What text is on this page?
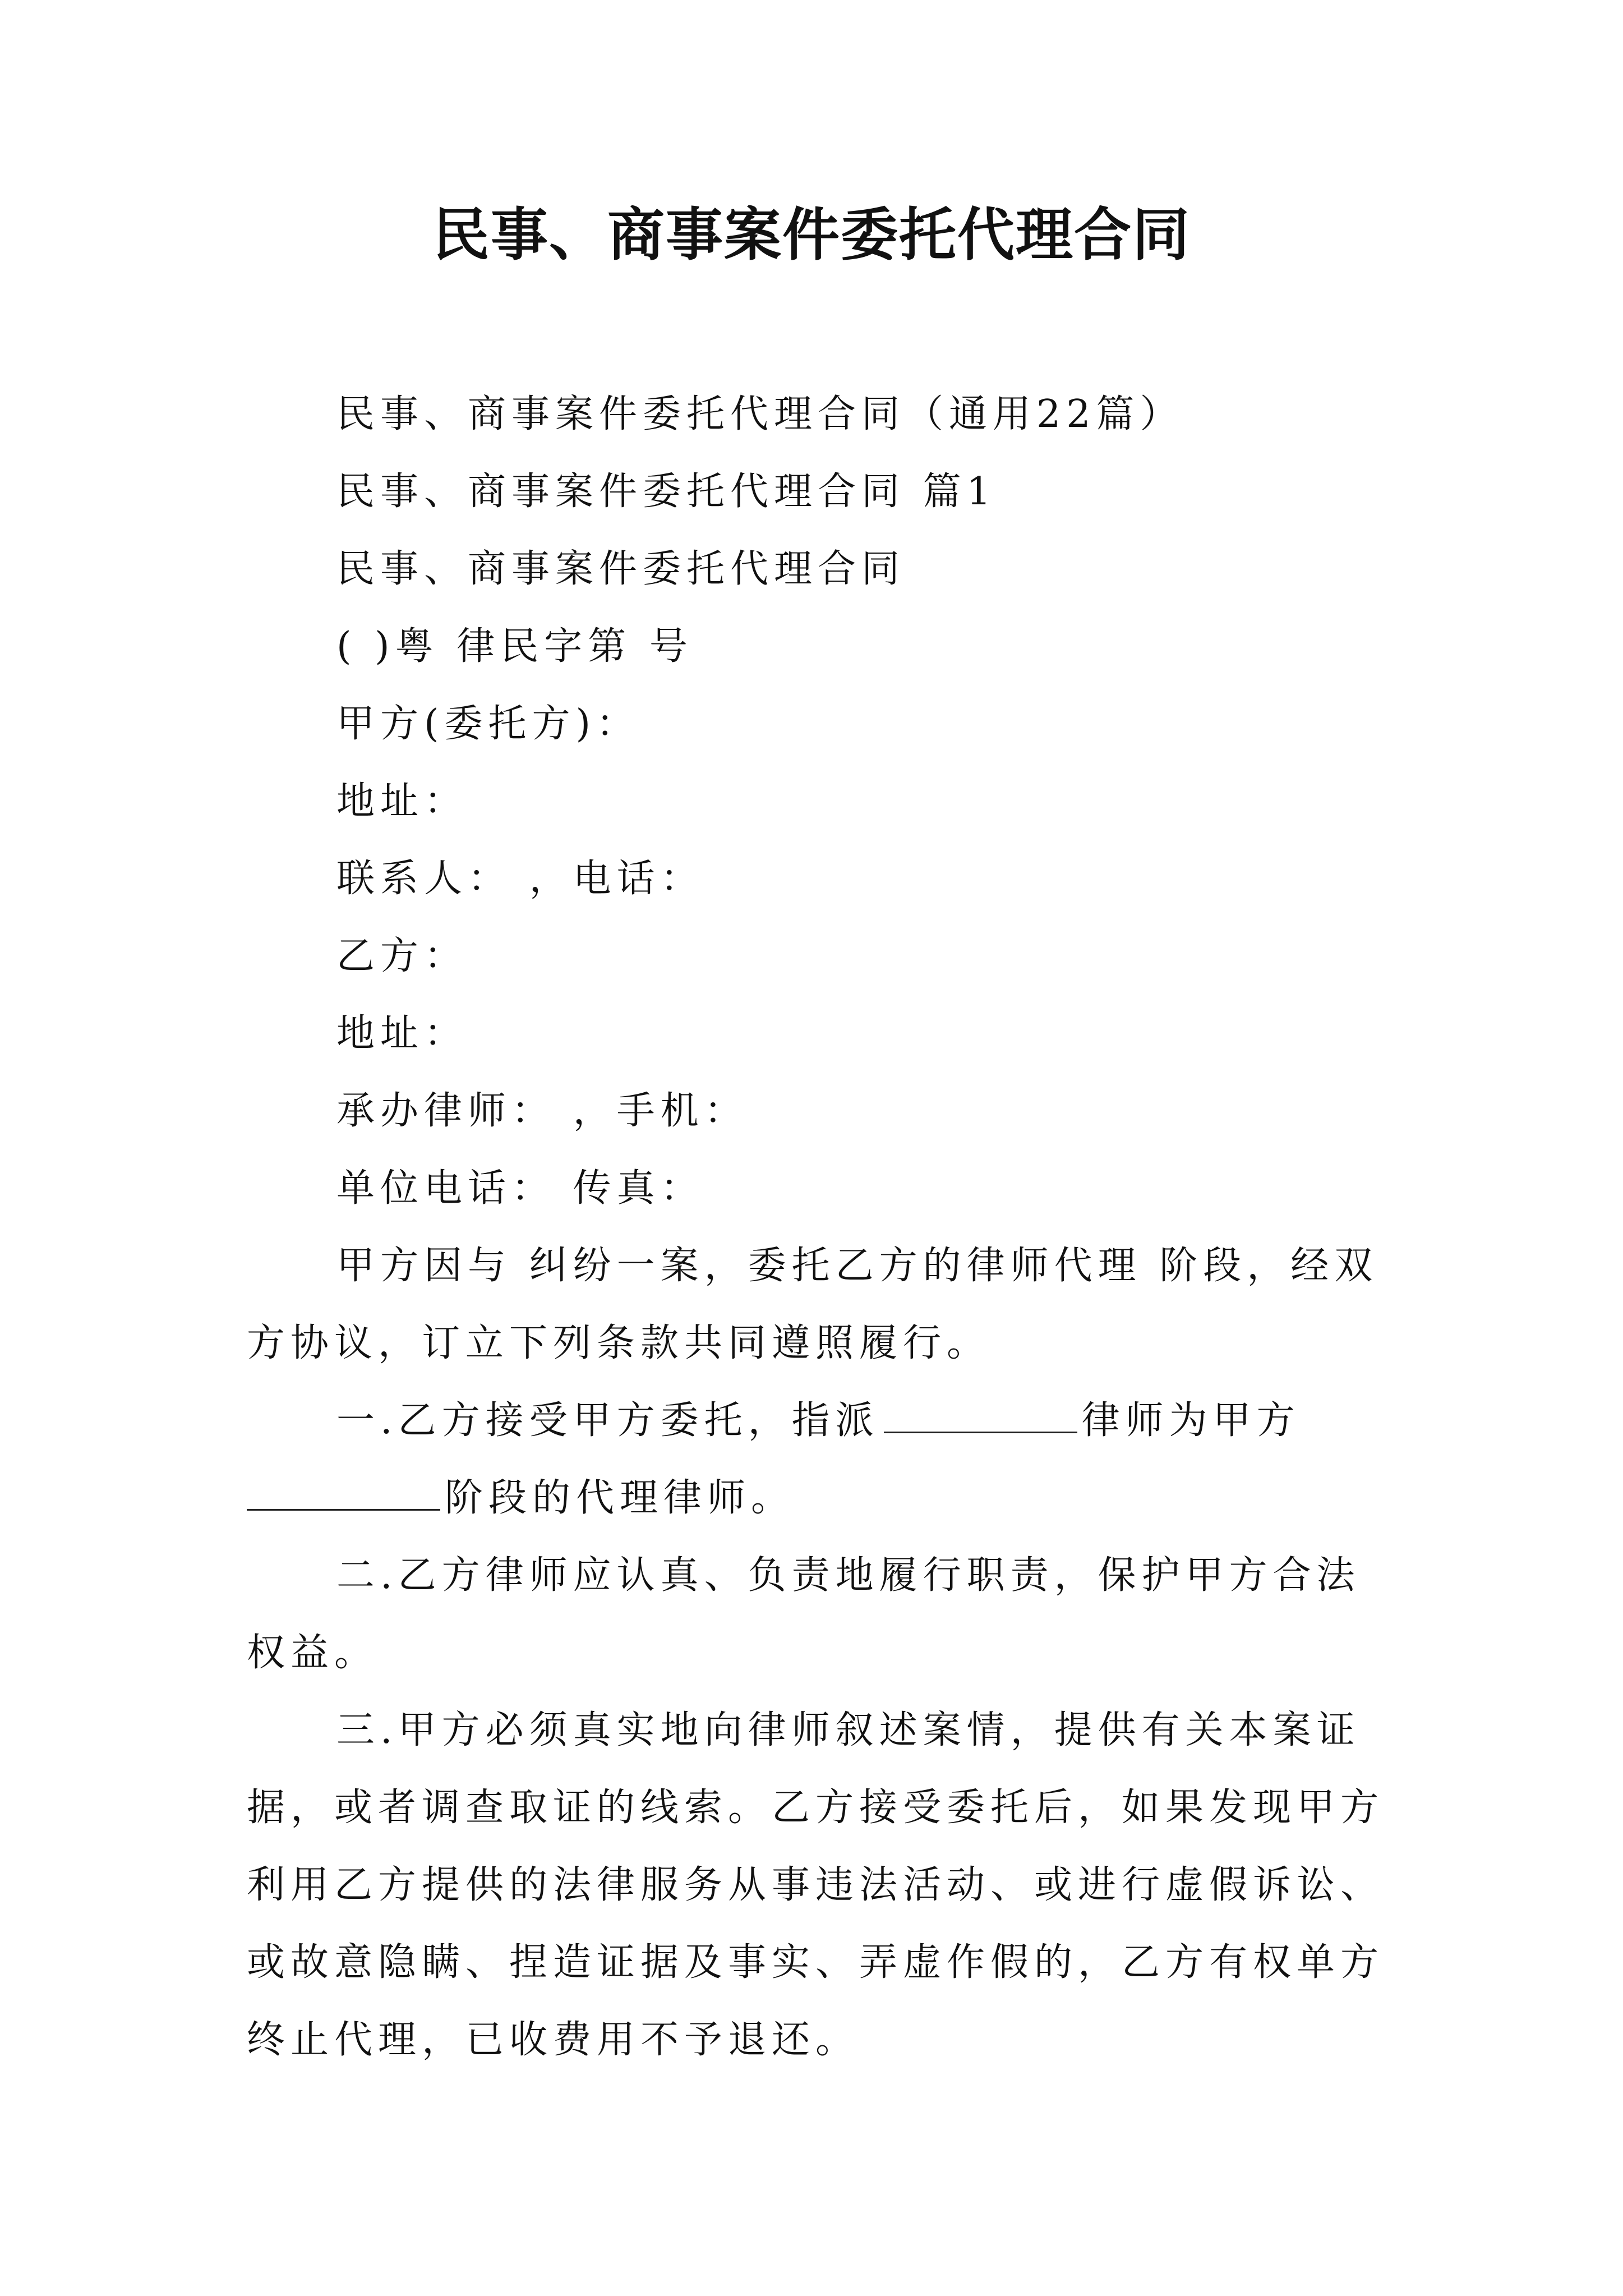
民事、商事案件委托代理合同

民事、商事案件委托代理合同（通用22篇）

民事、商事案件委托代理合同 篇1

民事、商事案件委托代理合同

( )粤 律民字第 号

甲方(委托方)：

地址：

联系人： ，电话：

乙方：

地址：

承办律师： ，手机：

单位电话： 传真：

甲方因与 纠纷一案，委托乙方的律师代理 阶段，经双

方协议，订立下列条款共同遵照履行。

一.乙方接受甲方委托，指派	律师为甲方

阶段的代理律师。

二.乙方律师应认真、负责地履行职责，保护甲方合法

权益。

三.甲方必须真实地向律师叙述案情，提供有关本案证

据，或者调查取证的线索。乙方接受委托后，如果发现甲方

利用乙方提供的法律服务从事违法活动、或进行虚假诉讼、

或故意隐瞒、捏造证据及事实、弄虚作假的，乙方有权单方

终止代理，已收费用不予退还。
